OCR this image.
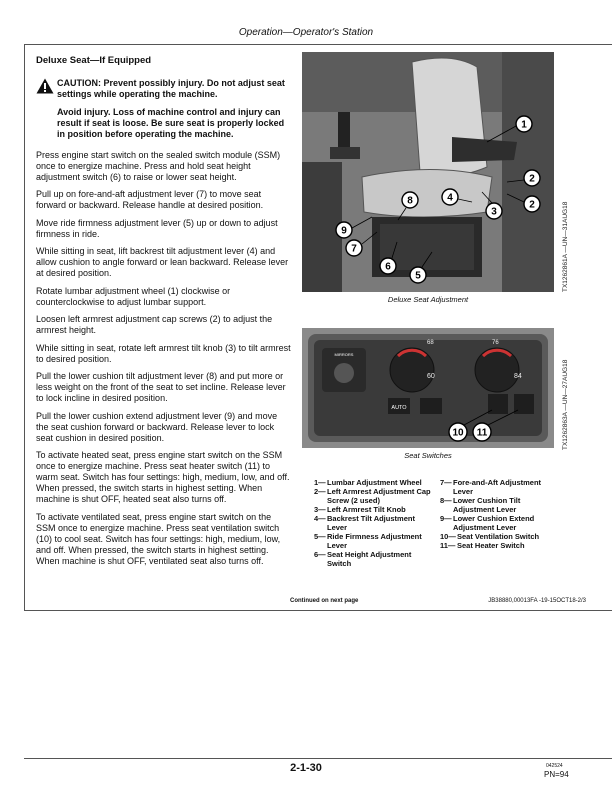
Operation—Operator's Station

Deluxe Seat—If Equipped

CAUTION: Prevent possibly injury. Do not adjust seat settings while operating the machine.

Avoid injury. Loss of machine control and injury can result if seat is loose. Be sure seat is properly locked in position before operating the machine.

Press engine start switch on the sealed switch module (SSM) once to energize machine. Press and hold seat height adjustment switch (6) to raise or lower seat height.

Pull up on fore-and-aft adjustment lever (7) to move seat forward or backward. Release handle at desired position.

Move ride firmness adjustment lever (5) up or down to adjust firmness in ride.

While sitting in seat, lift backrest tilt adjustment lever (4) and allow cushion to angle forward or lean backward. Release lever at desired position.

Rotate lumbar adjustment wheel (1) clockwise or counterclockwise to adjust lumbar support.

Loosen left armrest adjustment cap screws (2) to adjust the armrest height.

While sitting in seat, rotate left armrest tilt knob (3) to tilt armrest to desired position.

Pull the lower cushion tilt adjustment lever (8) and put more or less weight on the front of the seat to set incline. Release lever to lock incline in desired position.

Pull the lower cushion extend adjustment lever (9) and move the seat cushion forward or backward. Release lever to lock seat cushion in desired position.

To activate heated seat, press engine start switch on the SSM once to energize machine. Press seat heater switch (11) to warm seat. Switch has four settings: high, medium, low, and off. When pressed, the switch starts in highest setting. When machine is shut OFF, heated seat also turns off.

To activate ventilated seat, press engine start switch on the SSM once to energize machine. Press seat ventilation switch (10) to cool seat. Switch has four settings: high, medium, low, and off. When pressed, the switch starts in highest setting. When machine is shut OFF, ventilated seat also turns off.

1
2
2
3
4
5
6
7
8
9
Deluxe Seat Adjustment
TX1262861A —UN—31AUG18
AUTO
MIRRORS
68
60
76
84
10 11
Seat Switches
TX1262863A —UN—27AUG18
1— Lumbar Adjustment Wheel
2— Left Armrest Adjustment Cap Screw (2 used)
3— Left Armrest Tilt Knob
4— Backrest Tilt Adjustment Lever
5— Ride Firmness Adjustment Lever
6— Seat Height Adjustment Switch
7— Fore-and-Aft Adjustment Lever
8— Lower Cushion Tilt Adjustment Lever
9— Lower Cushion Extend Adjustment Lever
10— Seat Ventilation Switch
11— Seat Heater Switch
Continued on next page	JB38880,00013FA -19-15OCT18-2/3
2-1-30	042524
PN=94
